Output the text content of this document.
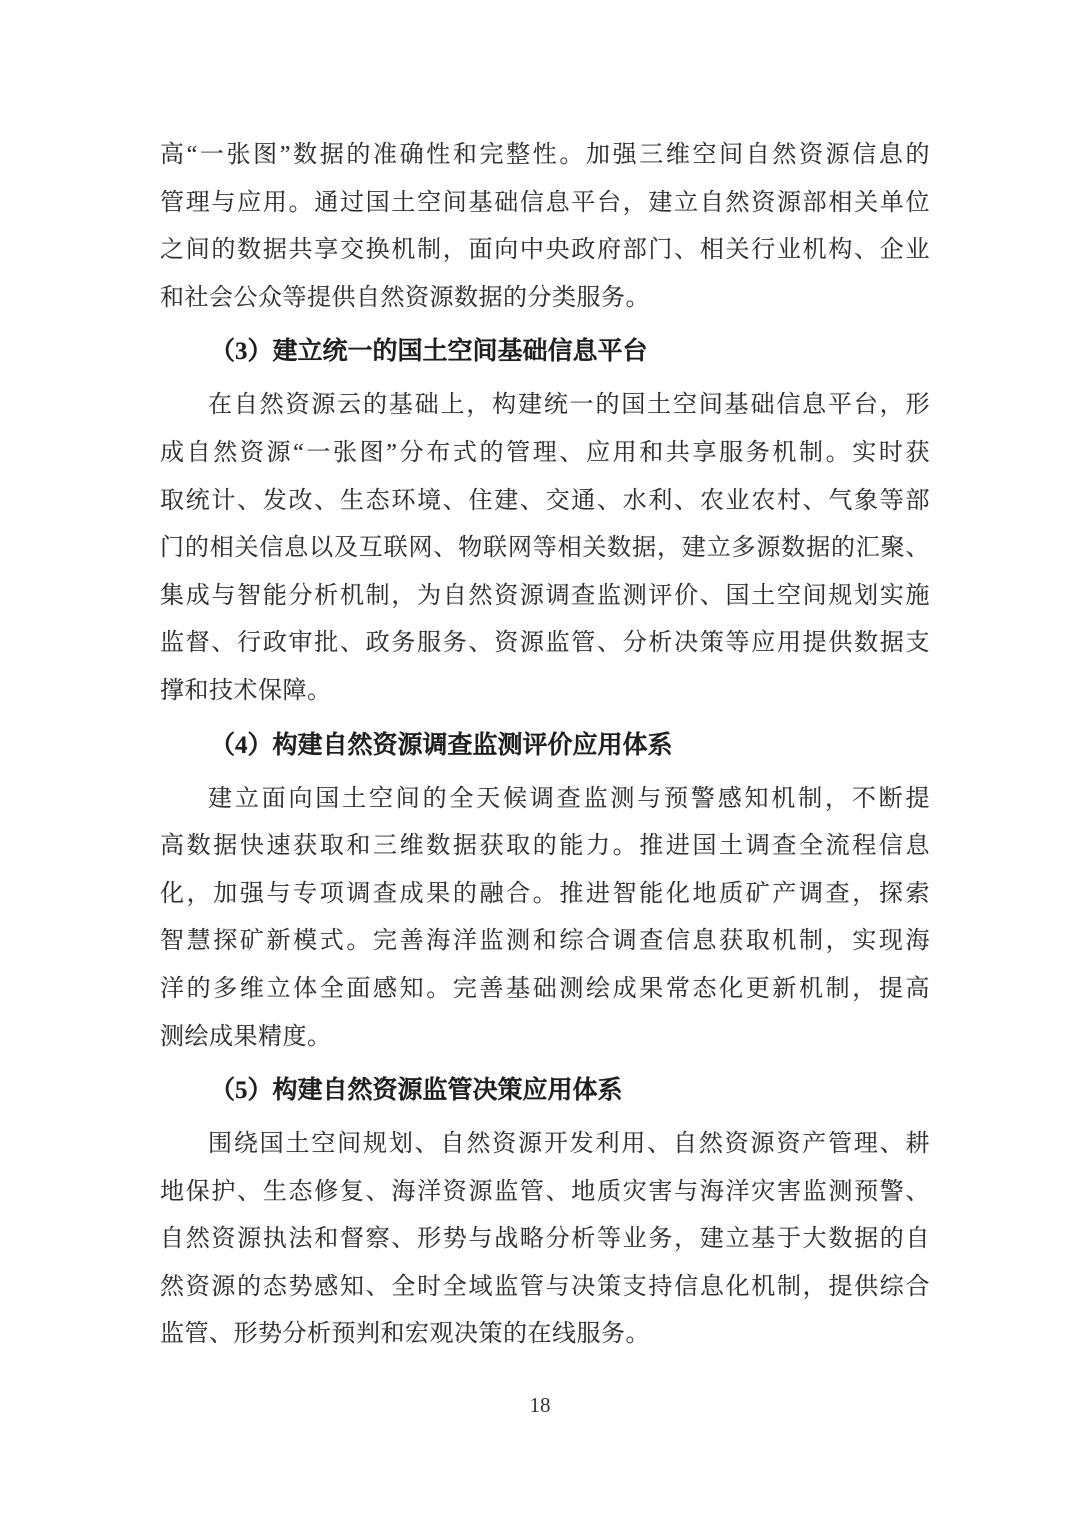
高“一张图”数据的准确性和完整性。加强三维空间自然资源信息的
管理与应用。通过国土空间基础信息平台，建立自然资源部相关单位
之间的数据共享交换机制，面向中央政府部门、相关行业机构、企业
和社会公众等提供自然资源数据的分类服务。
（3）建立统一的国土空间基础信息平台
在自然资源云的基础上，构建统一的国土空间基础信息平台，形
成自然资源“一张图”分布式的管理、应用和共享服务机制。实时获
取统计、发改、生态环境、住建、交通、水利、农业农村、气象等部
门的相关信息以及互联网、物联网等相关数据，建立多源数据的汇聚、
集成与智能分析机制，为自然资源调查监测评价、国土空间规划实施
监督、行政审批、政务服务、资源监管、分析决策等应用提供数据支
撑和技术保障。
（4）构建自然资源调查监测评价应用体系
建立面向国土空间的全天候调查监测与预警感知机制，不断提
高数据快速获取和三维数据获取的能力。推进国土调查全流程信息
化，加强与专项调查成果的融合。推进智能化地质矿产调查，探索
智慧探矿新模式。完善海洋监测和综合调查信息获取机制，实现海
洋的多维立体全面感知。完善基础测绘成果常态化更新机制，提高
测绘成果精度。
（5）构建自然资源监管决策应用体系
围绕国土空间规划、自然资源开发利用、自然资源资产管理、耕
地保护、生态修复、海洋资源监管、地质灾害与海洋灾害监测预警、
自然资源执法和督察、形势与战略分析等业务，建立基于大数据的自
然资源的态势感知、全时全域监管与决策支持信息化机制，提供综合
监管、形势分析预判和宏观决策的在线服务。
18
